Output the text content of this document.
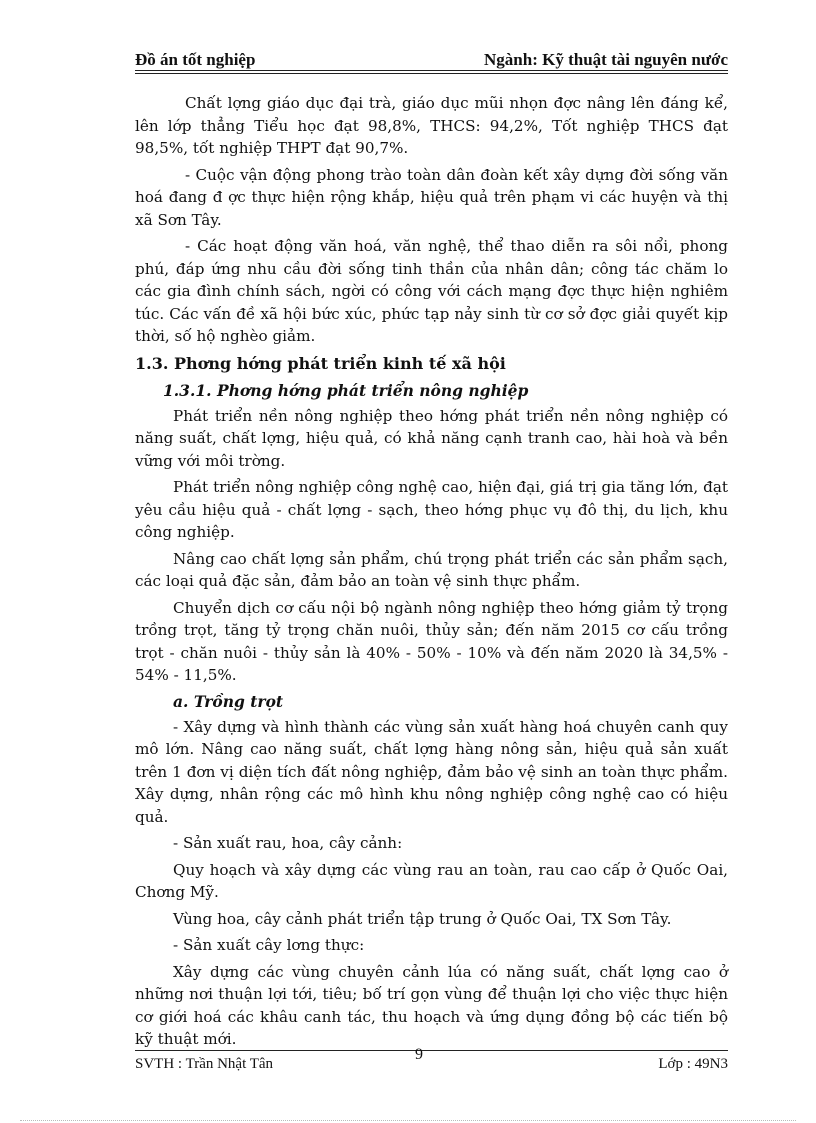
Đồ án tốt nghiệp	Ngành: Kỹ thuật tài nguyên nước

Chất lợng giáo dục đại trà, giáo dục mũi nhọn đợc nâng lên đáng kể, lên lớp thẳng Tiểu học đạt 98,8%, THCS: 94,2%, Tốt nghiệp THCS đạt 98,5%, tốt nghiệp THPT đạt 90,7%.

- Cuộc vận động phong trào toàn dân đoàn kết xây dựng đời sống văn hoá đang đ ợc thực hiện rộng khắp, hiệu quả trên phạm vi các huyện và thị xã Sơn Tây.

- Các hoạt động văn hoá, văn nghệ, thể thao diễn ra sôi nổi, phong phú, đáp ứng nhu cầu đời sống tinh thần của nhân dân; công tác chăm lo các gia đình chính sách, ngời có công với cách mạng đợc thực hiện nghiêm túc. Các vấn đề xã hội bức xúc, phức tạp nảy sinh từ cơ sở đợc giải quyết kịp thời, số hộ nghèo giảm.

1.3. Phơng hớng phát triển kinh tế xã hội
1.3.1. Phơng hớng phát triển nông nghiệp

Phát triển nền nông nghiệp theo hớng phát triển nền nông nghiệp có năng suất, chất lợng, hiệu quả, có khả năng cạnh tranh cao, hài hoà và bền vững với môi trờng.

Phát triển nông nghiệp công nghệ cao, hiện đại, giá trị gia tăng lớn, đạt yêu cầu hiệu quả - chất lợng - sạch, theo hớng phục vụ đô thị, du lịch, khu công nghiệp.

Nâng cao chất lợng sản phẩm, chú trọng phát triển các sản phẩm sạch, các loại quả đặc sản, đảm bảo an toàn vệ sinh thực phẩm.

Chuyển dịch cơ cấu nội bộ ngành nông nghiệp theo hớng giảm tỷ trọng trồng trọt, tăng tỷ trọng chăn nuôi, thủy sản; đến năm 2015 cơ cấu trồng trọt - chăn nuôi - thủy sản là 40% - 50% - 10% và đến năm 2020 là 34,5% - 54% - 11,5%.

a. Trồng trọt

- Xây dựng và hình thành các vùng sản xuất hàng hoá chuyên canh quy mô lớn. Nâng cao năng suất, chất lợng hàng nông sản, hiệu quả sản xuất trên 1 đơn vị diện tích đất nông nghiệp, đảm bảo vệ sinh an toàn thực phẩm. Xây dựng, nhân rộng các mô hình khu nông nghiệp công nghệ cao có hiệu quả.

- Sản xuất rau, hoa, cây cảnh:

Quy hoạch và xây dựng các vùng rau an toàn, rau cao cấp ở Quốc Oai, Chơng Mỹ.

Vùng hoa, cây cảnh phát triển tập trung ở Quốc Oai, TX Sơn Tây.

- Sản xuất cây lơng thực:

Xây dựng các vùng chuyên cảnh lúa có năng suất, chất lợng cao ở những nơi thuận lợi tới, tiêu; bố trí gọn vùng để thuận lợi cho việc thực hiện cơ giới hoá các khâu canh tác, thu hoạch và ứng dụng đồng bộ các tiến bộ kỹ thuật mới.

SVTH : Trần Nhật Tân
9
Lớp : 49N3
